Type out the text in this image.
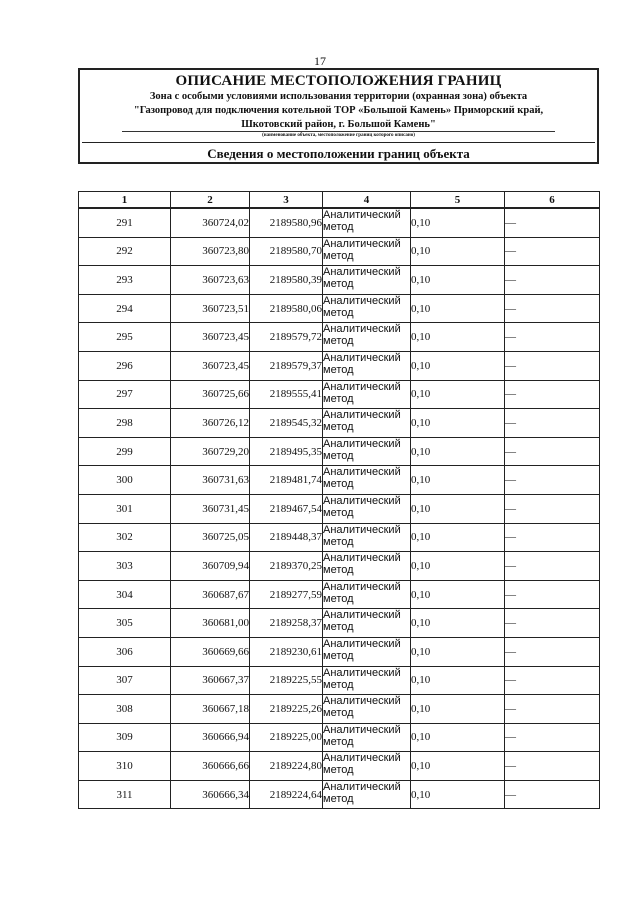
17
ОПИСАНИЕ МЕСТОПОЛОЖЕНИЯ ГРАНИЦ
Зона с особыми условиями использования территории (охранная зона) объекта
"Газопровод для подключения котельной ТОР «Большой Камень» Приморский край,
Шкотовский район, г. Большой Камень"
(наименование объекта, местоположение границ которого описано)
Сведения о местоположении границ объекта
1	2	3	4	5	6
291	360724,02	2189580,96	Аналитический метод	0,10	—
292	360723,80	2189580,70	Аналитический метод	0,10	—
293	360723,63	2189580,39	Аналитический метод	0,10	—
294	360723,51	2189580,06	Аналитический метод	0,10	—
295	360723,45	2189579,72	Аналитический метод	0,10	—
296	360723,45	2189579,37	Аналитический метод	0,10	—
297	360725,66	2189555,41	Аналитический метод	0,10	—
298	360726,12	2189545,32	Аналитический метод	0,10	—
299	360729,20	2189495,35	Аналитический метод	0,10	—
300	360731,63	2189481,74	Аналитический метод	0,10	—
301	360731,45	2189467,54	Аналитический метод	0,10	—
302	360725,05	2189448,37	Аналитический метод	0,10	—
303	360709,94	2189370,25	Аналитический метод	0,10	—
304	360687,67	2189277,59	Аналитический метод	0,10	—
305	360681,00	2189258,37	Аналитический метод	0,10	—
306	360669,66	2189230,61	Аналитический метод	0,10	—
307	360667,37	2189225,55	Аналитический метод	0,10	—
308	360667,18	2189225,26	Аналитический метод	0,10	—
309	360666,94	2189225,00	Аналитический метод	0,10	—
310	360666,66	2189224,80	Аналитический метод	0,10	—
311	360666,34	2189224,64	Аналитический метод	0,10	—
